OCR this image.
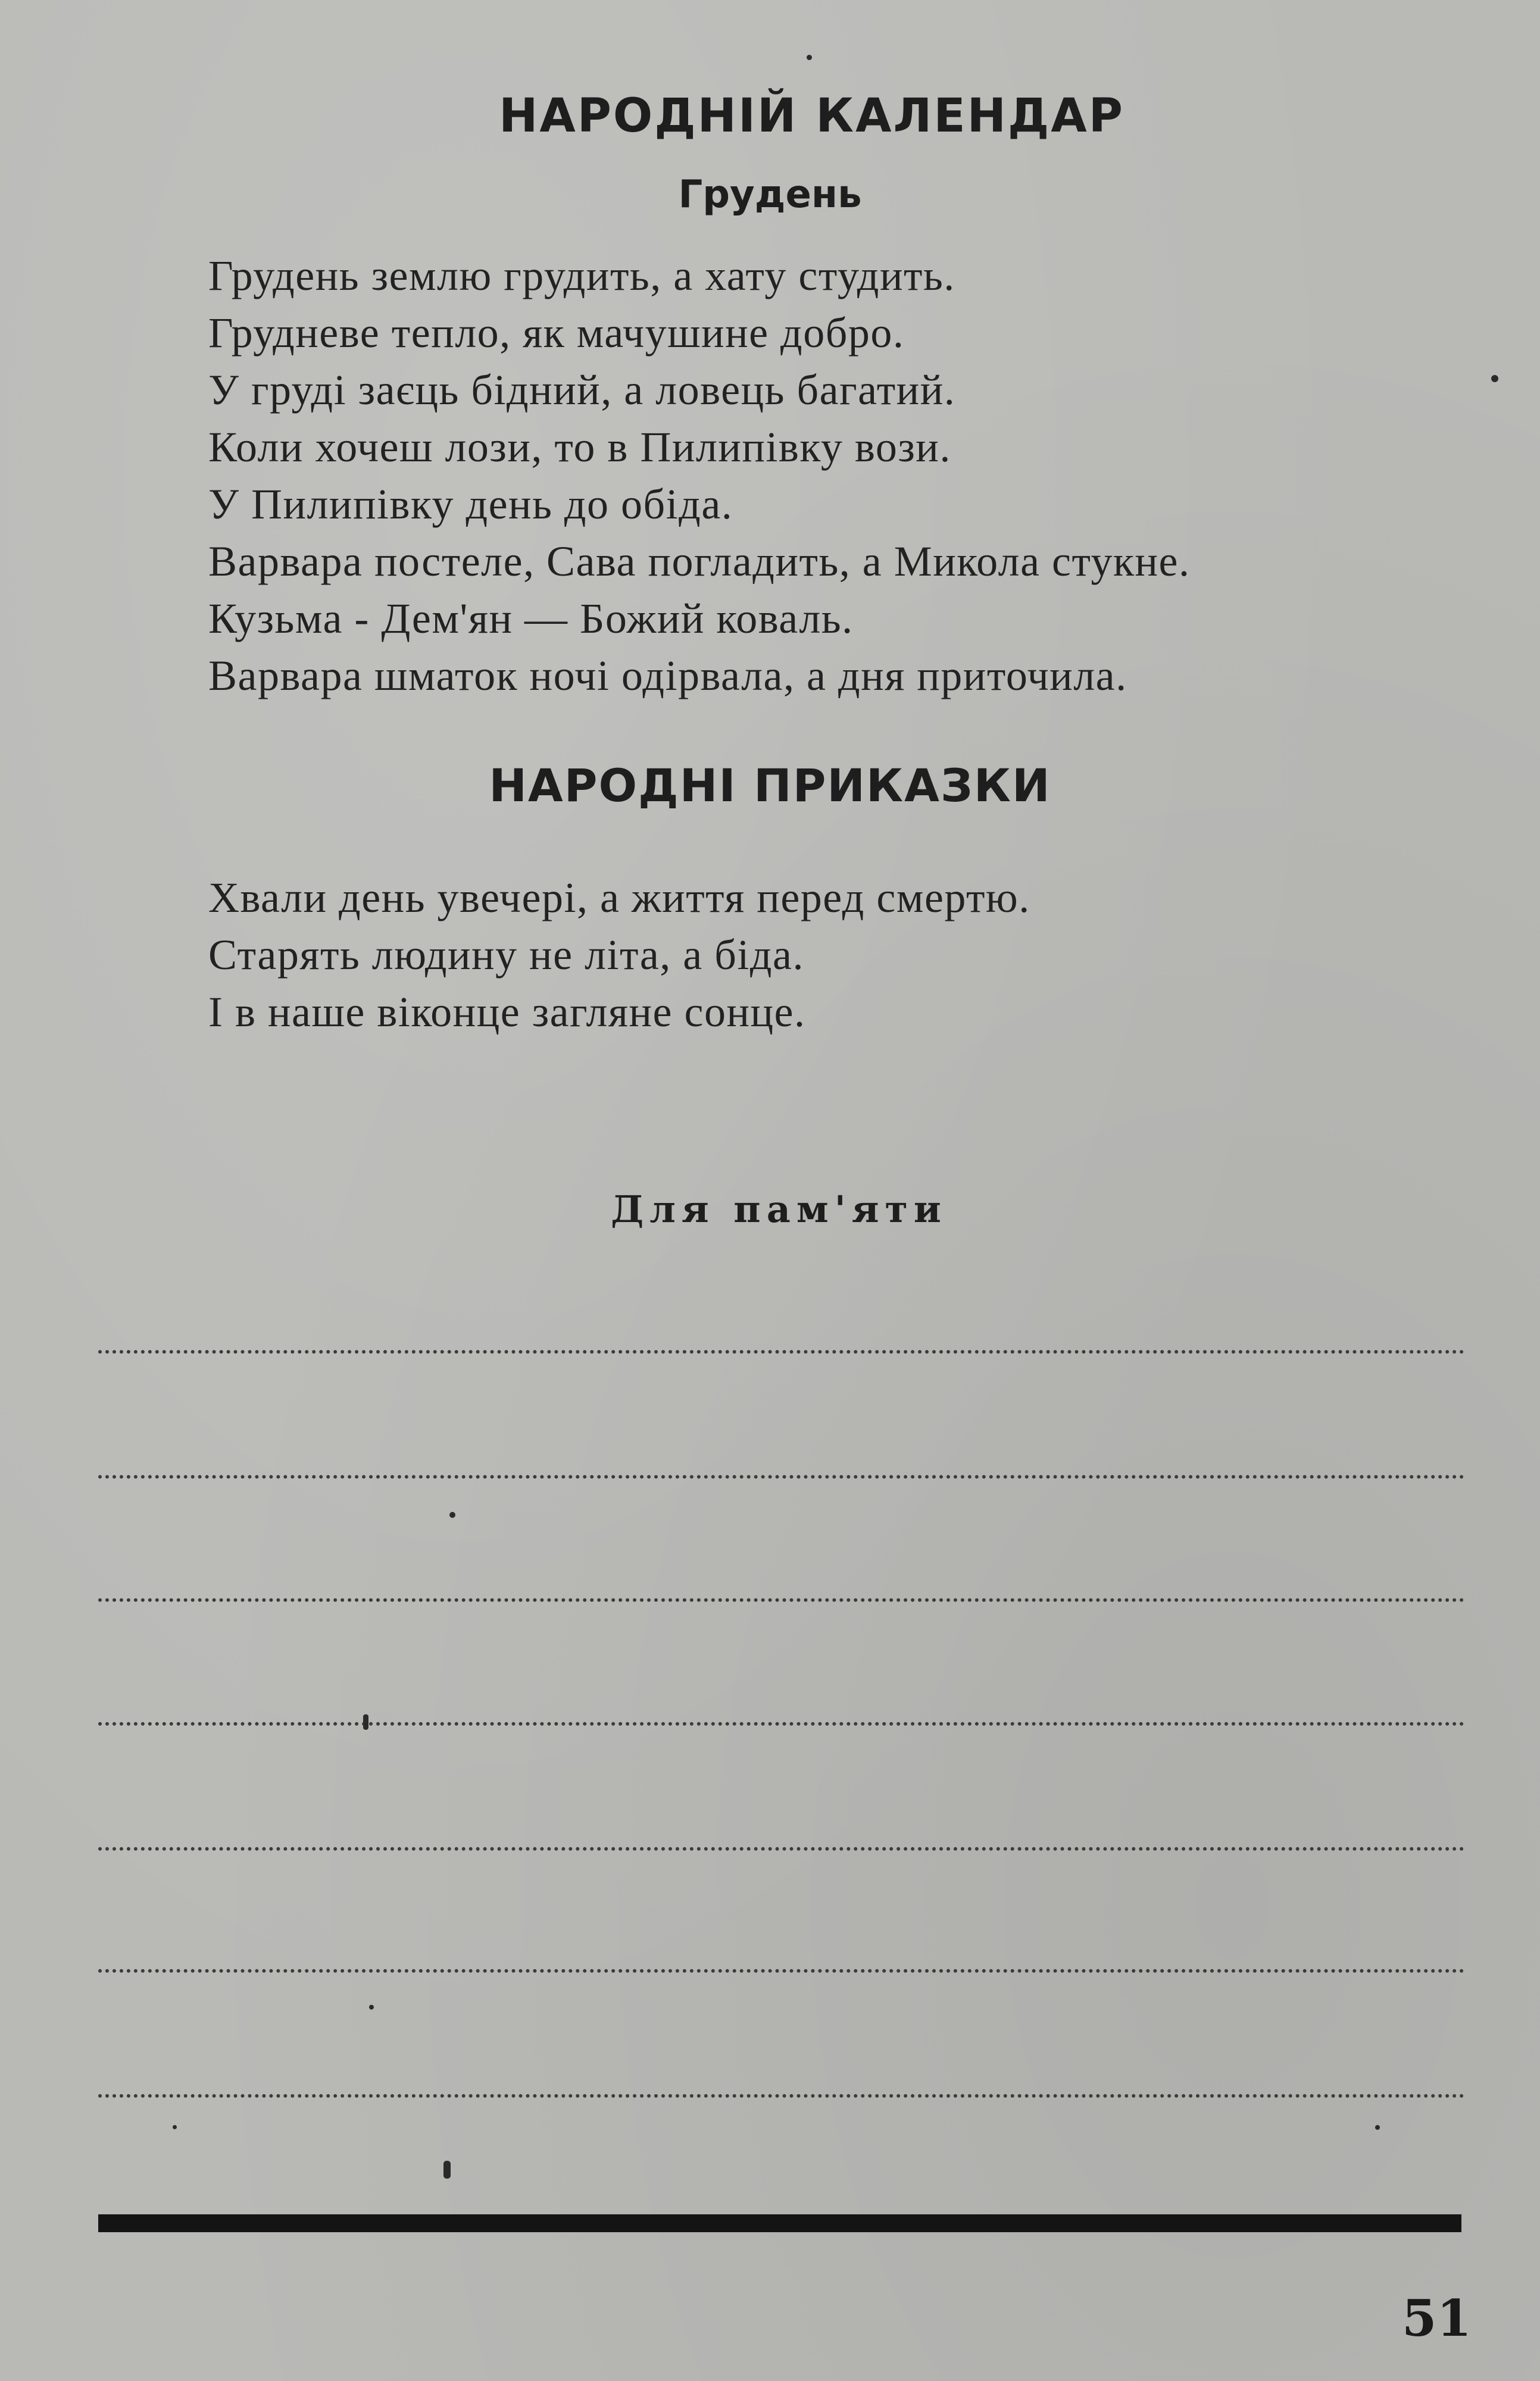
НАРОДНІЙ КАЛЕНДАР
Грудень
Грудень землю грудить, а хату студить.
Грудневе тепло, як мачушине добро.
У груді заєць бідний, а ловець багатий.
Коли хочеш лози, то в Пилипівку вози.
У Пилипівку день до обіда.
Варвара постеле, Сава погладить, а Микола стукне.
Кузьма - Дем'ян — Божий коваль.
Варвара шматок ночі одірвала, а дня приточила.
НАРОДНІ ПРИКАЗКИ
Хвали день увечері, а життя перед смертю.
Старять людину не літа, а біда.
І в наше віконце загляне сонце.
Для пам'яти
51
